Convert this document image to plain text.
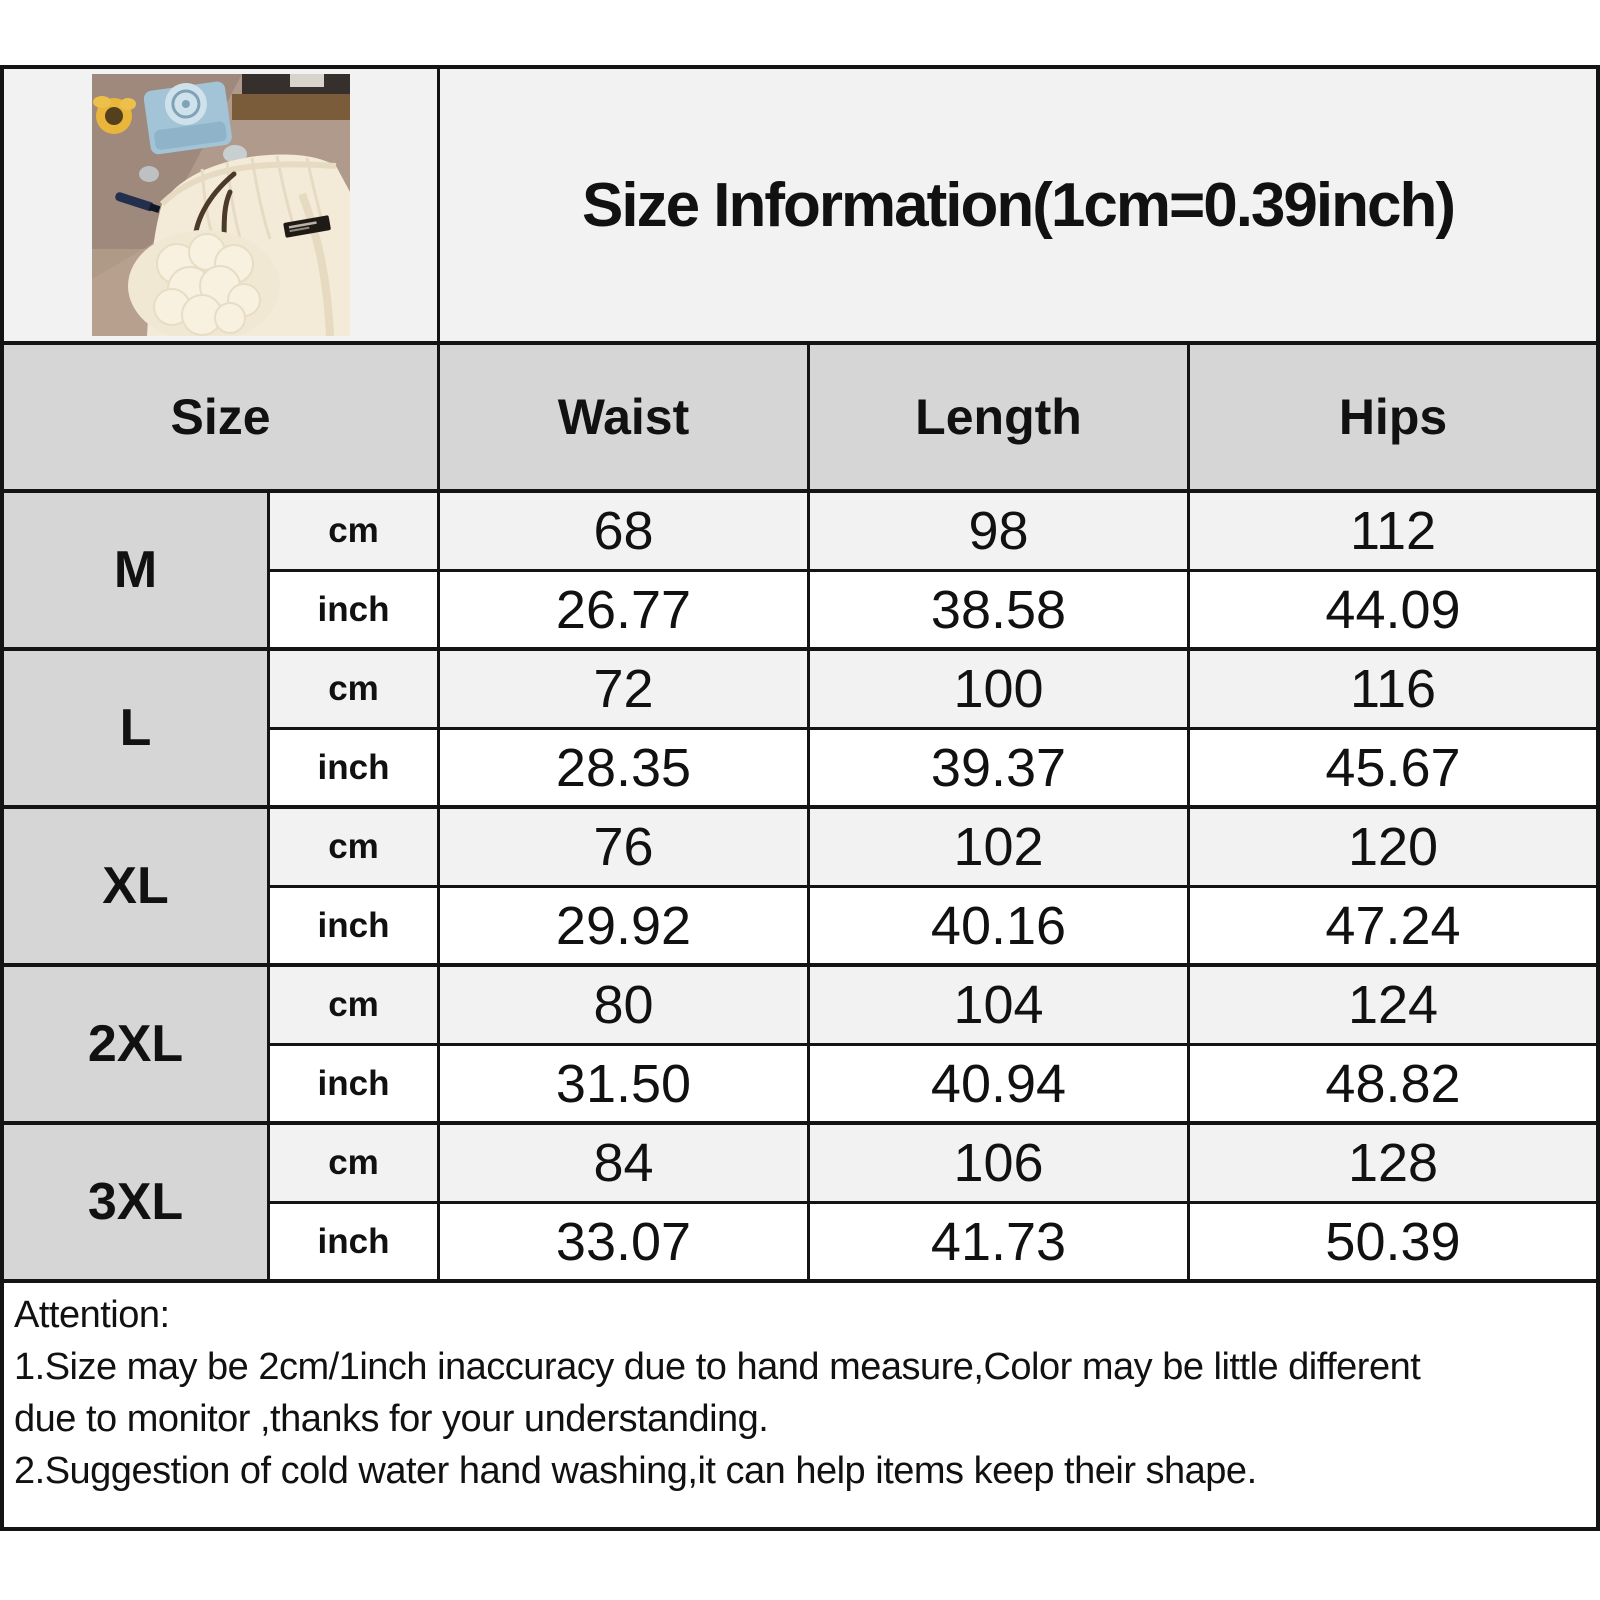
Size Information(1cm=0.39inch)
Size	Waist	Length	Hips
M
cm	68	98	112
inch	26.77	38.58	44.09
L
cm	72	100	116
inch	28.35	39.37	45.67
XL
cm	76	102	120
inch	29.92	40.16	47.24
2XL
cm	80	104	124
inch	31.50	40.94	48.82
3XL
cm	84	106	128
inch	33.07	41.73	50.39
Attention:
1.Size may be 2cm/1inch inaccuracy due to hand measure,Color may be little different
due to monitor ,thanks for your understanding.
2.Suggestion of cold water hand washing,it can help items keep their shape.
